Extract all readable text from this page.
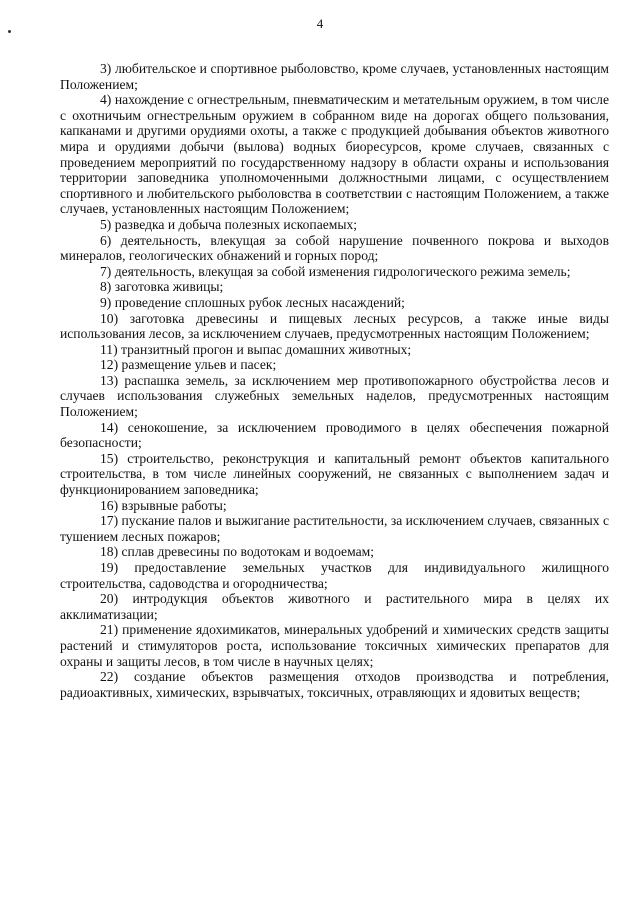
4

3) любительское и спортивное рыболовство, кроме случаев, установленных настоящим Положением;

4) нахождение с огнестрельным, пневматическим и метательным оружием, в том числе с охотничьим огнестрельным оружием в собранном виде на дорогах общего пользования, капканами и другими орудиями охоты, а также с продукцией добывания объектов животного мира и орудиями добычи (вылова) водных биоресурсов, кроме случаев, связанных с проведением мероприятий по государственному надзору в области охраны и использования территории заповедника уполномоченными должностными лицами, с осуществлением спортивного и любительского рыболовства в соответствии с настоящим Положением, а также случаев, установленных настоящим Положением;

5) разведка и добыча полезных ископаемых;

6) деятельность, влекущая за собой нарушение почвенного покрова и выходов минералов, геологических обнажений и горных пород;

7) деятельность, влекущая за собой изменения гидрологического режима земель;

8) заготовка живицы;

9) проведение сплошных рубок лесных насаждений;

10) заготовка древесины и пищевых лесных ресурсов, а также иные виды использования лесов, за исключением случаев, предусмотренных настоящим Положением;

11) транзитный прогон и выпас домашних животных;

12) размещение ульев и пасек;

13) распашка земель, за исключением мер противопожарного обустройства лесов и случаев использования служебных земельных наделов, предусмотренных настоящим Положением;

14) сенокошение, за исключением проводимого в целях обеспечения пожарной безопасности;

15) строительство, реконструкция и капитальный ремонт объектов капитального строительства, в том числе линейных сооружений, не связанных с выполнением задач и функционированием заповедника;

16) взрывные работы;

17) пускание палов и выжигание растительности, за исключением случаев, связанных с тушением лесных пожаров;

18) сплав древесины по водотокам и водоемам;

19) предоставление земельных участков для индивидуального жилищного строительства, садоводства и огородничества;

20) интродукция объектов животного и растительного мира в целях их акклиматизации;

21) применение ядохимикатов, минеральных удобрений и химических средств защиты растений и стимуляторов роста, использование токсичных химических препаратов для охраны и защиты лесов, в том числе в научных целях;

22) создание объектов размещения отходов производства и потребления, радиоактивных, химических, взрывчатых, токсичных, отравляющих и ядовитых веществ;
